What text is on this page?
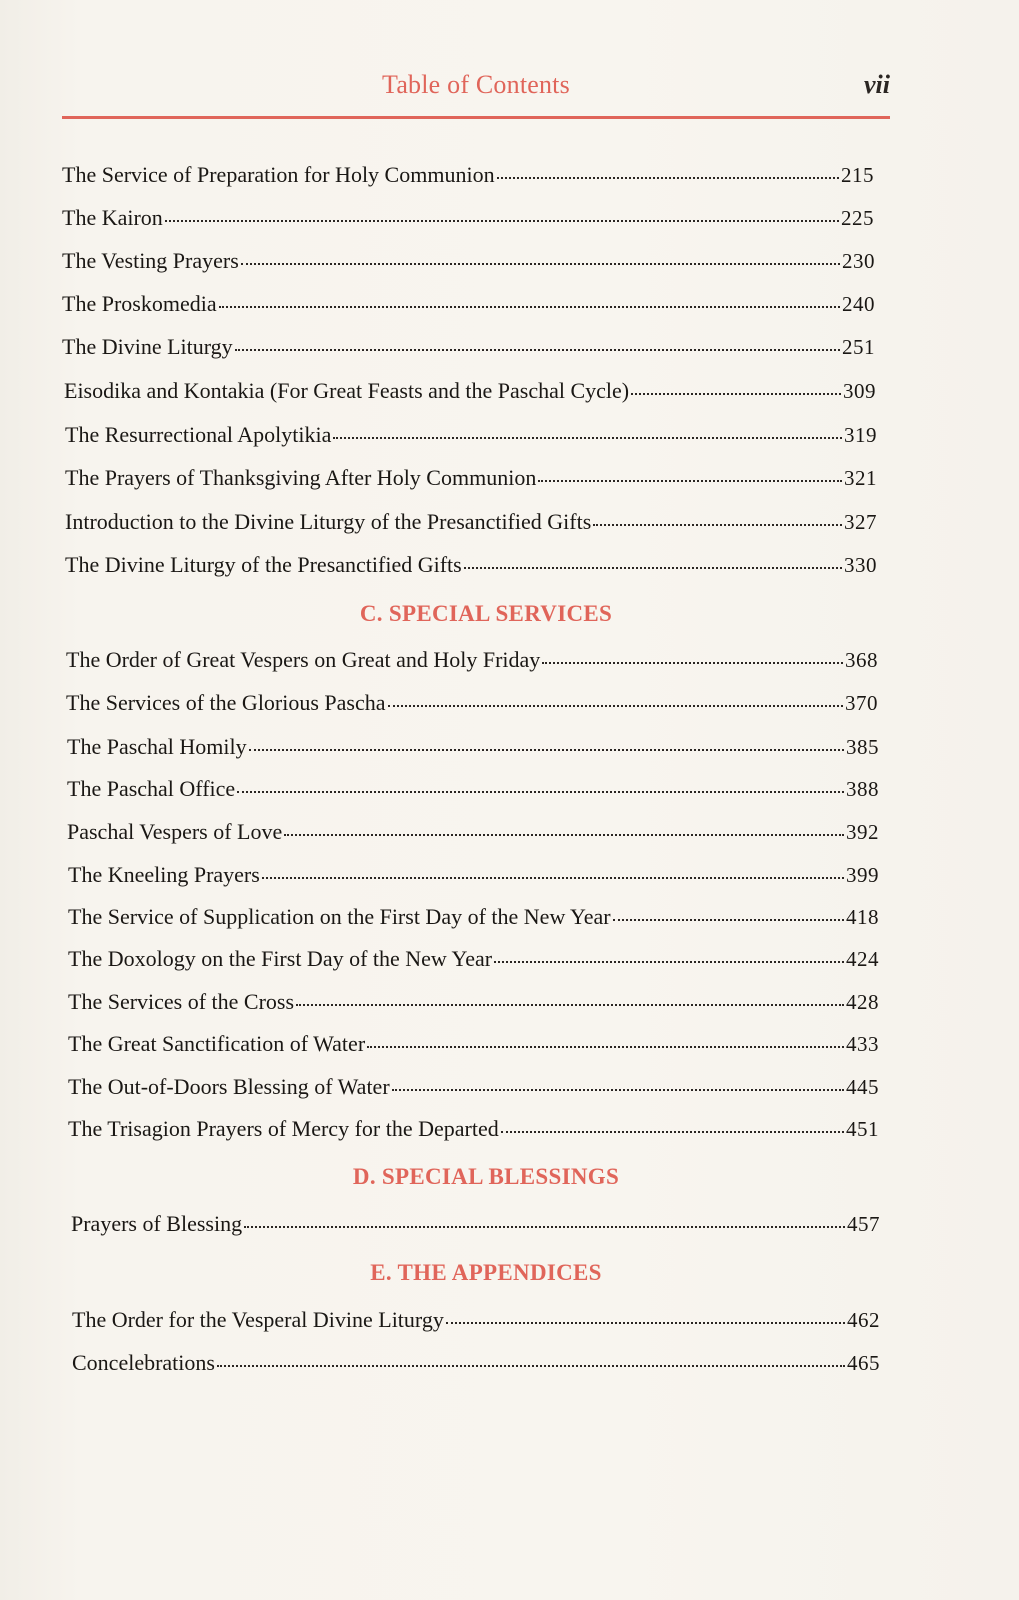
Table of Contents	vii
The Service of Preparation for Holy Communion	215
The Kairon	225
The Vesting Prayers	230
The Proskomedia	240
The Divine Liturgy	251
Eisodika and Kontakia (For Great Feasts and the Paschal Cycle)	309
The Resurrectional Apolytikia	319
The Prayers of Thanksgiving After Holy Communion	321
Introduction to the Divine Liturgy of the Presanctified Gifts	327
The Divine Liturgy of the Presanctified Gifts	330
C. SPECIAL SERVICES
The Order of Great Vespers on Great and Holy Friday	368
The Services of the Glorious Pascha	370
The Paschal Homily	385
The Paschal Office	388
Paschal Vespers of Love	392
The Kneeling Prayers	399
The Service of Supplication on the First Day of the New Year	418
The Doxology on the First Day of the New Year	424
The Services of the Cross	428
The Great Sanctification of Water	433
The Out-of-Doors Blessing of Water	445
The Trisagion Prayers of Mercy for the Departed	451
D. SPECIAL BLESSINGS
Prayers of Blessing	457
E. THE APPENDICES
The Order for the Vesperal Divine Liturgy	462
Concelebrations	465
